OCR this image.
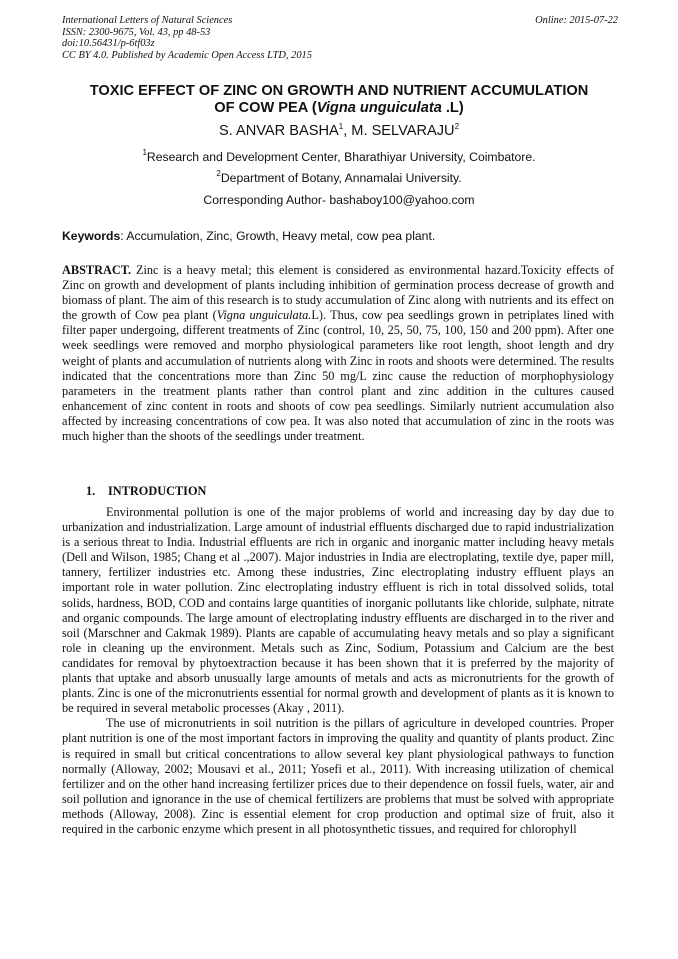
International Letters of Natural Sciences
ISSN: 2300-9675, Vol. 43, pp 48-53
doi:10.56431/p-6tf03z
CC BY 4.0. Published by Academic Open Access LTD, 2015
Online: 2015-07-22
TOXIC EFFECT OF ZINC ON GROWTH AND NUTRIENT ACCUMULATION
OF COW PEA (Vigna unguiculata .L)
S. ANVAR BASHA$^1$, M. SELVARAJU$^2$
$^1$Research and Development Center, Bharathiyar University, Coimbatore.
$^2$Department of Botany, Annamalai University.
Corresponding Author- bashaboy100@yahoo.com
Keywords: Accumulation, Zinc, Growth, Heavy metal, cow pea plant.

ABSTRACT. Zinc is a heavy metal; this element is considered as environmental hazard.Toxicity effects of Zinc on growth and development of plants including inhibition of germination process decrease of growth and biomass of plant. The aim of this research is to study accumulation of Zinc along with nutrients and its effect on the growth of Cow pea plant (Vigna unguiculata.L). Thus, cow pea seedlings grown in petriplates lined with filter paper undergoing, different treatments of Zinc (control, 10, 25, 50, 75, 100, 150 and 200 ppm). After one week seedlings were removed and morpho physiological parameters like root length, shoot length and dry weight of plants and accumulation of nutrients along with Zinc in roots and shoots were determined. The results indicated that the concentrations more than Zinc 50 mg/L zinc cause the reduction of morphophysiology parameters in the treatment plants rather than control plant and zinc addition in the cultures caused enhancement of zinc content in roots and shoots of cow pea seedlings. Similarly nutrient accumulation also affected by increasing concentrations of cow pea. It was also noted that accumulation of zinc in the roots was much higher than the shoots of the seedlings under treatment.

1. INTRODUCTION

Environmental pollution is one of the major problems of world and increasing day by day due to urbanization and industrialization. Large amount of industrial effluents discharged due to rapid industrialization is a serious threat to India. Industrial effluents are rich in organic and inorganic matter including heavy metals (Dell and Wilson, 1985; Chang et al .,2007). Major industries in India are electroplating, textile dye, paper mill, tannery, fertilizer industries etc. Among these industries, Zinc electroplating industry effluent plays an important role in water pollution. Zinc electroplating industry effluent is rich in total dissolved solids, total solids, hardness, BOD, COD and contains large quantities of inorganic pollutants like chloride, sulphate, nitrate and organic compounds. The large amount of electroplating industry effluents are discharged in to the river and soil (Marschner and Cakmak 1989). Plants are capable of accumulating heavy metals and so play a significant role in cleaning up the environment. Metals such as Zinc, Sodium, Potassium and Calcium are the best candidates for removal by phytoextraction because it has been shown that it is preferred by the majority of plants that uptake and absorb unusually large amounts of metals and acts as micronutrients for the growth of plants. Zinc is one of the micronutrients essential for normal growth and development of plants as it is known to be required in several metabolic processes (Akay , 2011).

The use of micronutrients in soil nutrition is the pillars of agriculture in developed countries. Proper plant nutrition is one of the most important factors in improving the quality and quantity of plants product. Zinc is required in small but critical concentrations to allow several key plant physiological pathways to function normally (Alloway, 2002; Mousavi et al., 2011; Yosefi et al., 2011). With increasing utilization of chemical fertilizer and on the other hand increasing fertilizer prices due to their dependence on fossil fuels, water, air and soil pollution and ignorance in the use of chemical fertilizers are problems that must be solved with appropriate methods (Alloway, 2008). Zinc is essential element for crop production and optimal size of fruit, also it required in the carbonic enzyme which present in all photosynthetic tissues, and required for chlorophyll
